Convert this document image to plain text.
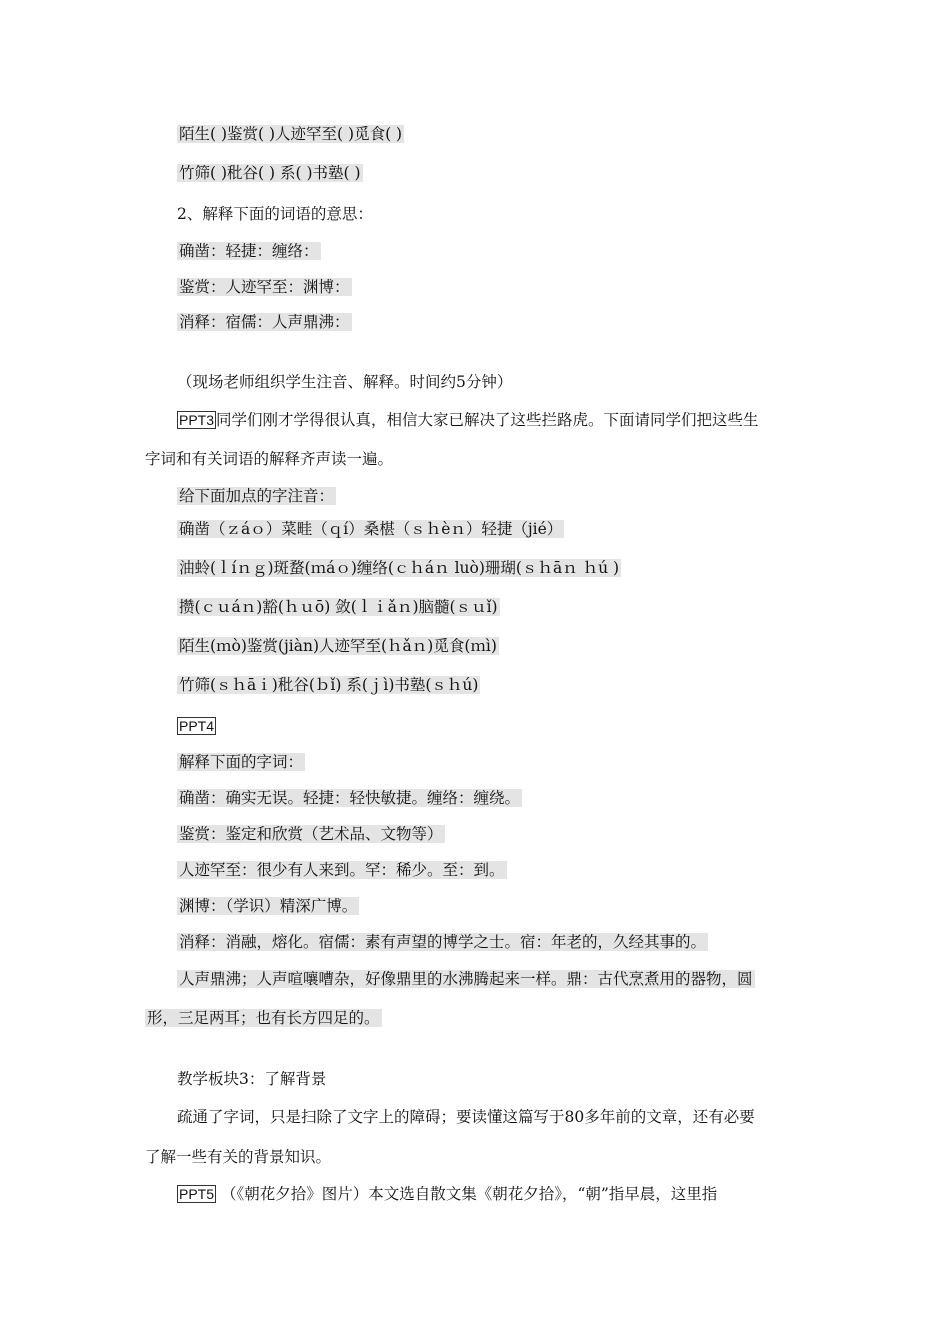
陌生( )鉴赏( )人迹罕至( )觅食( )
竹筛( )秕谷( ) 系( )书塾( )
2、解释下面的词语的意思：
确凿：轻捷：缠络：
鉴赏：人迹罕至：渊博：
消释：宿儒：人声鼎沸：
（现场老师组织学生注音、解释。时间约5分钟）
PPT3 同学们刚才学得很认真，相信大家已解决了这些拦路虎。下面请同学们把这些生
字词和有关词语的解释齐声读一遍。
给下面加点的字注音：
确凿（ｚáｏ）菜畦（ｑí）桑椹（ｓｈèｎ）轻捷（jié）
油蛉(ｌíｎｇ)斑蝥(ｍáｏ)缠络(ｃｈáｎ luò)珊瑚(ｓｈāｎ ｈú )
攒(ｃｕáｎ)豁(ｈｕō) 敛(ｌｉǎｎ)脑髓(ｓｕǐ)
陌生(ｍò)鉴赏(jiàn)人迹罕至(ｈǎｎ)觅食(ｍì)
竹筛(ｓｈāｉ)秕谷(ｂǐ) 系(ｊì)书塾(ｓｈú)
PPT4
解释下面的字词：
确凿：确实无误。轻捷：轻快敏捷。缠络：缠绕。
鉴赏：鉴定和欣赏（艺术品、文物等）
人迹罕至：很少有人来到。罕：稀少。至：到。
渊博：（学识）精深广博。
消释：消融，熔化。宿儒：素有声望的博学之士。宿：年老的，久经其事的。
人声鼎沸；人声喧嚷嘈杂，好像鼎里的水沸腾起来一样。鼎：古代烹煮用的器物，圆
形，三足两耳；也有长方四足的。
教学板块3：了解背景
疏通了字词，只是扫除了文字上的障碍；要读懂这篇写于80多年前的文章，还有必要
了解一些有关的背景知识。
PPT5 （《朝花夕拾》图片）本文选自散文集《朝花夕拾》，“朝”指早晨，这里指
